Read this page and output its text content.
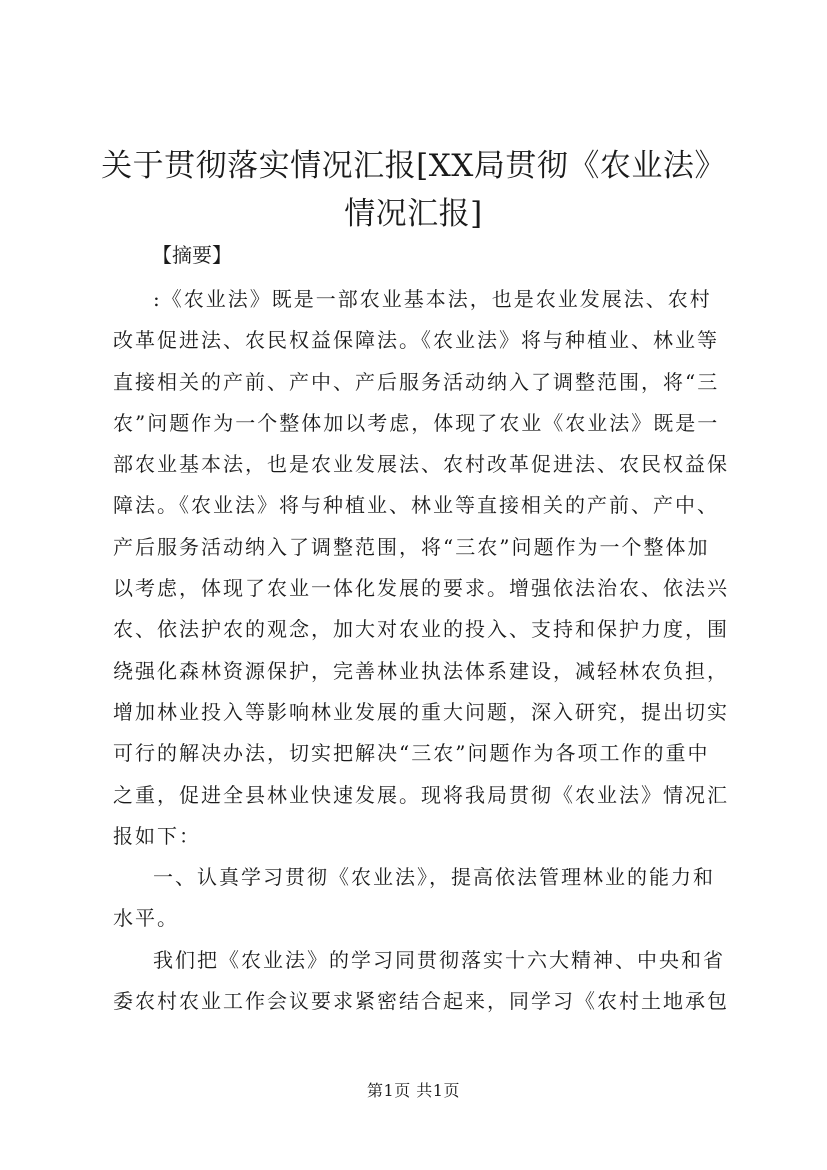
关于贯彻落实情况汇报[XX局贯彻《农业法》
情况汇报]
【摘要】
:《农业法》既是一部农业基本法，也是农业发展法、农村
改革促进法、农民权益保障法。《农业法》将与种植业、林业等
直接相关的产前、产中、产后服务活动纳入了调整范围，将“三
农”问题作为一个整体加以考虑，体现了农业《农业法》既是一
部农业基本法，也是农业发展法、农村改革促进法、农民权益保
障法。《农业法》将与种植业、林业等直接相关的产前、产中、
产后服务活动纳入了调整范围，将“三农”问题作为一个整体加
以考虑，体现了农业一体化发展的要求。增强依法治农、依法兴
农、依法护农的观念，加大对农业的投入、支持和保护力度，围
绕强化森林资源保护，完善林业执法体系建设，减轻林农负担，
增加林业投入等影响林业发展的重大问题，深入研究，提出切实
可行的解决办法，切实把解决“三农”问题作为各项工作的重中
之重，促进全县林业快速发展。现将我局贯彻《农业法》情况汇
报如下：
一、认真学习贯彻《农业法》，提高依法管理林业的能力和
水平。
我们把《农业法》的学习同贯彻落实十六大精神、中央和省
委农村农业工作会议要求紧密结合起来，同学习《农村土地承包
第1页 共1页
